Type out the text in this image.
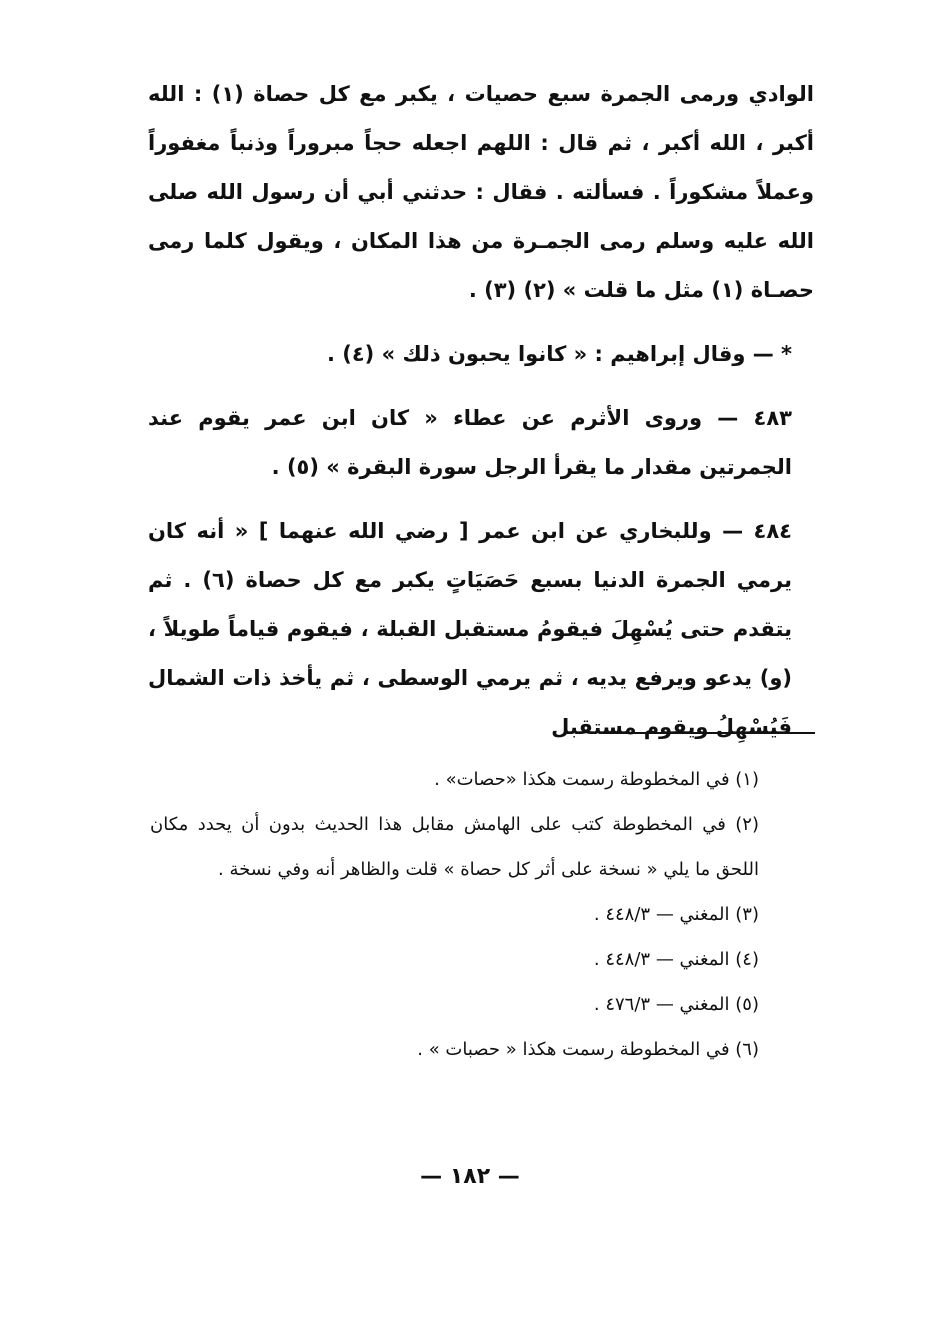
الوادي ورمى الجمرة سبع حصيات ، يكبر مع كل حصاة (١) : الله أكبر ، الله أكبر ، ثم قال : اللهم اجعله حجاً مبروراً وذنباً مغفوراً وعملاً مشكوراً . فسألته . فقال : حدثني أبي أن رسول الله صلى الله عليه وسلم رمى الجمـرة من هذا المكان ، ويقول كلما رمى حصـاة (١) مثل ما قلت » (٢) (٣) .

* — وقال إبراهيم : « كانوا يحبون ذلك » (٤) .

٤٨٣ — وروى الأثرم عن عطاء « كان ابن عمر يقوم عند الجمرتين مقدار ما يقرأ الرجل سورة البقرة » (٥) .

٤٨٤ — وللبخاري عن ابن عمر [ رضي الله عنهما ] « أنه كان يرمي الجمرة الدنيا بسبع حَصَيَاتٍ يكبر مع كل حصاة (٦) . ثم يتقدم حتى يُسْهِلَ فيقومُ مستقبل القبلة ، فيقوم قياماً طويلاً ، (و) يدعو ويرفع يديه ، ثم يرمي الوسطى ، ثم يأخذ ذات الشمال فَيُسْهِلُ ويقوم مستقبل

(١) في المخطوطة رسمت هكذا «حصات» .

(٢) في المخطوطة كتب على الهامش مقابل هذا الحديث بدون أن يحدد مكان اللحق ما يلي « نسخة على أثر كل حصاة » قلت والظاهر أنه وفي نسخة .

(٣) المغني — ٤٤٨/٣ .

(٤) المغني — ٤٤٨/٣ .

(٥) المغني — ٤٧٦/٣ .

(٦) في المخطوطة رسمت هكذا « حصبات » .

— ١٨٢ —
